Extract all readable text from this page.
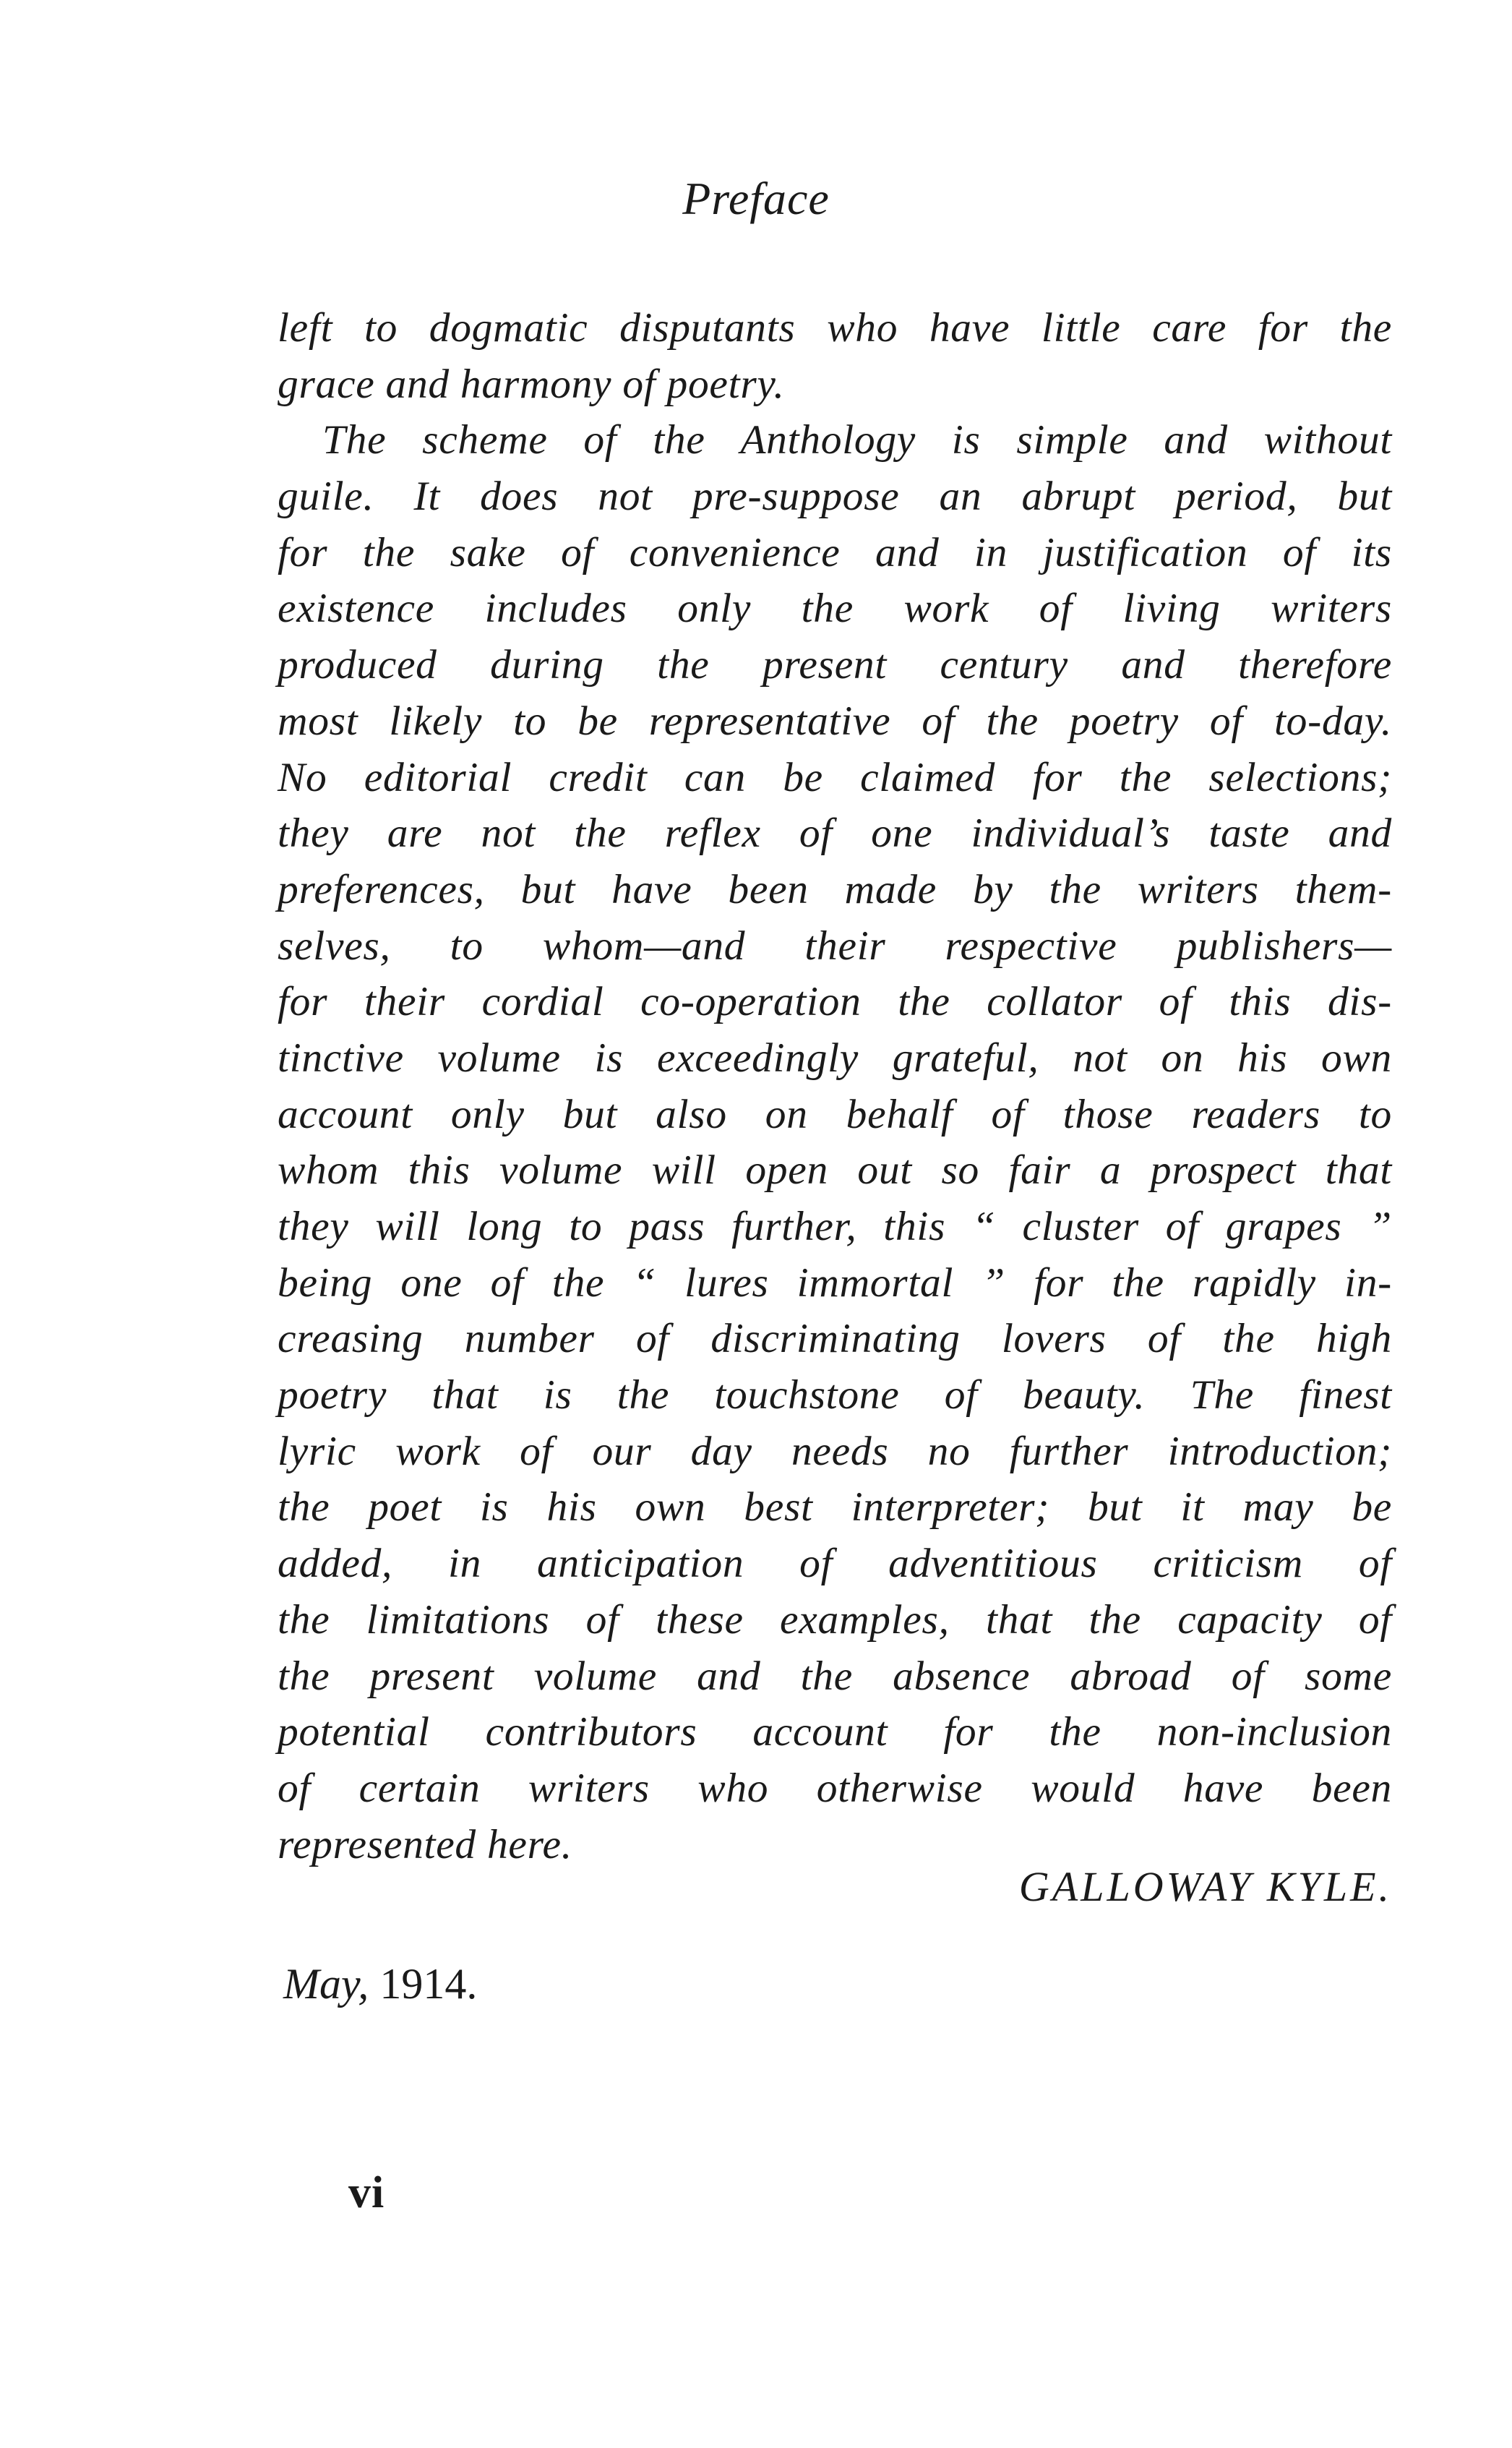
Preface
left to dogmatic disputants who have little care for the
grace and harmony of poetry.
The scheme of the Anthology is simple and without
guile. It does not pre-suppose an abrupt period, but
for the sake of convenience and in justification of its
existence includes only the work of living writers
produced during the present century and therefore
most likely to be representative of the poetry of to-day.
No editorial credit can be claimed for the selections;
they are not the reflex of one individual’s taste and
preferences, but have been made by the writers them-
selves, to whom—and their respective publishers—
for their cordial co-operation the collator of this dis-
tinctive volume is exceedingly grateful, not on his own
account only but also on behalf of those readers to
whom this volume will open out so fair a prospect that
they will long to pass further, this “ cluster of grapes ”
being one of the “ lures immortal ” for the rapidly in-
creasing number of discriminating lovers of the high
poetry that is the touchstone of beauty. The finest
lyric work of our day needs no further introduction;
the poet is his own best interpreter; but it may be
added, in anticipation of adventitious criticism of
the limitations of these examples, that the capacity of
the present volume and the absence abroad of some
potential contributors account for the non-inclusion
of certain writers who otherwise would have been
represented here.
GALLOWAY KYLE.
May, 1914.
vi
